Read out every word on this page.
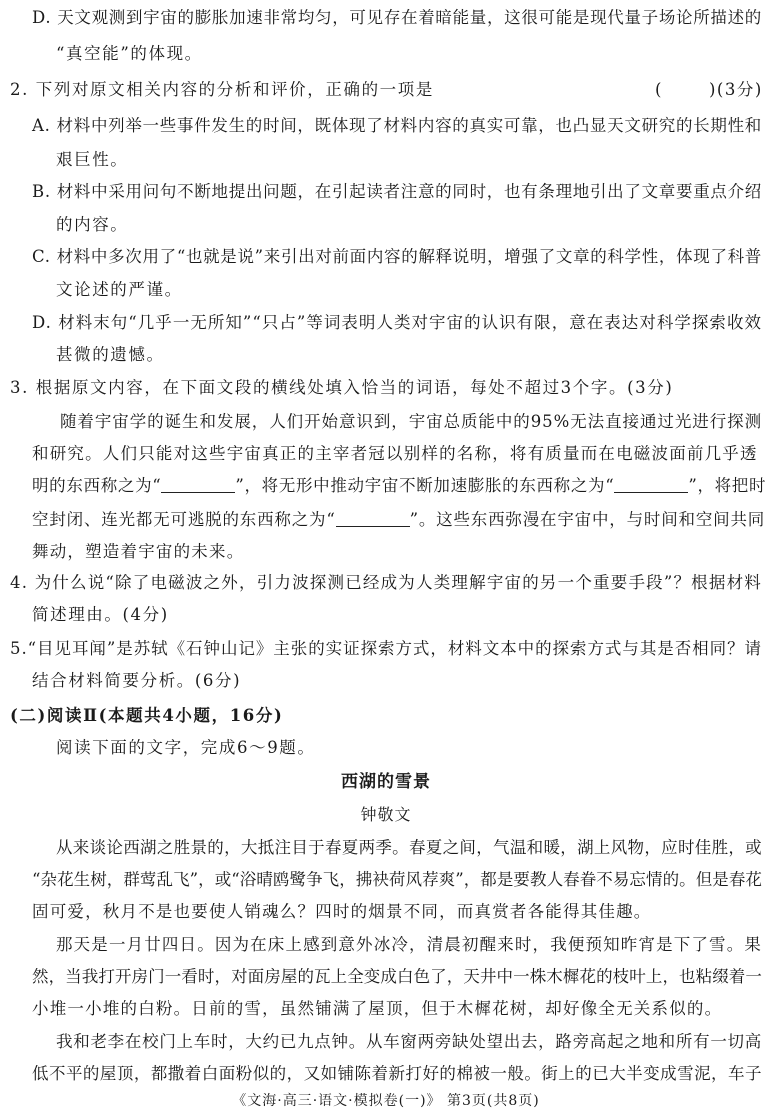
D. 天文观测到宇宙的膨胀加速非常均匀，可见存在着暗能量，这很可能是现代量子场论所描述的
“真空能”的体现。
2. 下列对原文相关内容的分析和评价，正确的一项是	(	)(3分)
A. 材料中列举一些事件发生的时间，既体现了材料内容的真实可靠，也凸显天文研究的长期性和
艰巨性。
B. 材料中采用问句不断地提出问题，在引起读者注意的同时，也有条理地引出了文章要重点介绍
的内容。
C. 材料中多次用了“也就是说”来引出对前面内容的解释说明，增强了文章的科学性，体现了科普
文论述的严谨。
D. 材料末句“几乎一无所知”“只占”等词表明人类对宇宙的认识有限，意在表达对科学探索收效
甚微的遗憾。
3. 根据原文内容，在下面文段的横线处填入恰当的词语，每处不超过3个字。(3分)
随着宇宙学的诞生和发展，人们开始意识到，宇宙总质能中的95%无法直接通过光进行探测
和研究。人们只能对这些宇宙真正的主宰者冠以别样的名称，将有质量而在电磁波面前几乎透
明的东西称之为“	”，将无形中推动宇宙不断加速膨胀的东西称之为“	”，将把时
空封闭、连光都无可逃脱的东西称之为“	”。这些东西弥漫在宇宙中，与时间和空间共同
舞动，塑造着宇宙的未来。
4. 为什么说“除了电磁波之外，引力波探测已经成为人类理解宇宙的另一个重要手段”？根据材料
简述理由。(4分)
5.“目见耳闻”是苏轼《石钟山记》主张的实证探索方式，材料文本中的探索方式与其是否相同？请
结合材料简要分析。(6分)
(二)阅读Ⅱ(本题共4小题，16分)
阅读下面的文字，完成6～9题。
西湖的雪景
钟敬文
从来谈论西湖之胜景的，大抵注目于春夏两季。春夏之间，气温和暖，湖上风物，应时佳胜，或
“杂花生树，群莺乱飞”，或“浴晴鸥鹭争飞，拂袂荷风荐爽”，都是要教人春眷不易忘情的。但是春花
固可爱，秋月不是也要使人销魂么？四时的烟景不同，而真赏者各能得其佳趣。
那天是一月廿四日。因为在床上感到意外冰冷，清晨初醒来时，我便预知昨宵是下了雪。果
然，当我打开房门一看时，对面房屋的瓦上全变成白色了，天井中一株木樨花的枝叶上，也粘缀着一
小堆一小堆的白粉。日前的雪，虽然铺满了屋顶，但于木樨花树，却好像全无关系似的。
我和老李在校门上车时，大约已九点钟。从车窗两旁缺处望出去，路旁高起之地和所有一切高
低不平的屋顶，都撒着白面粉似的，又如铺陈着新打好的棉被一般。街上的已大半变成雪泥，车子
《文海·高三·语文·模拟卷(一)》 第3页(共8页)
